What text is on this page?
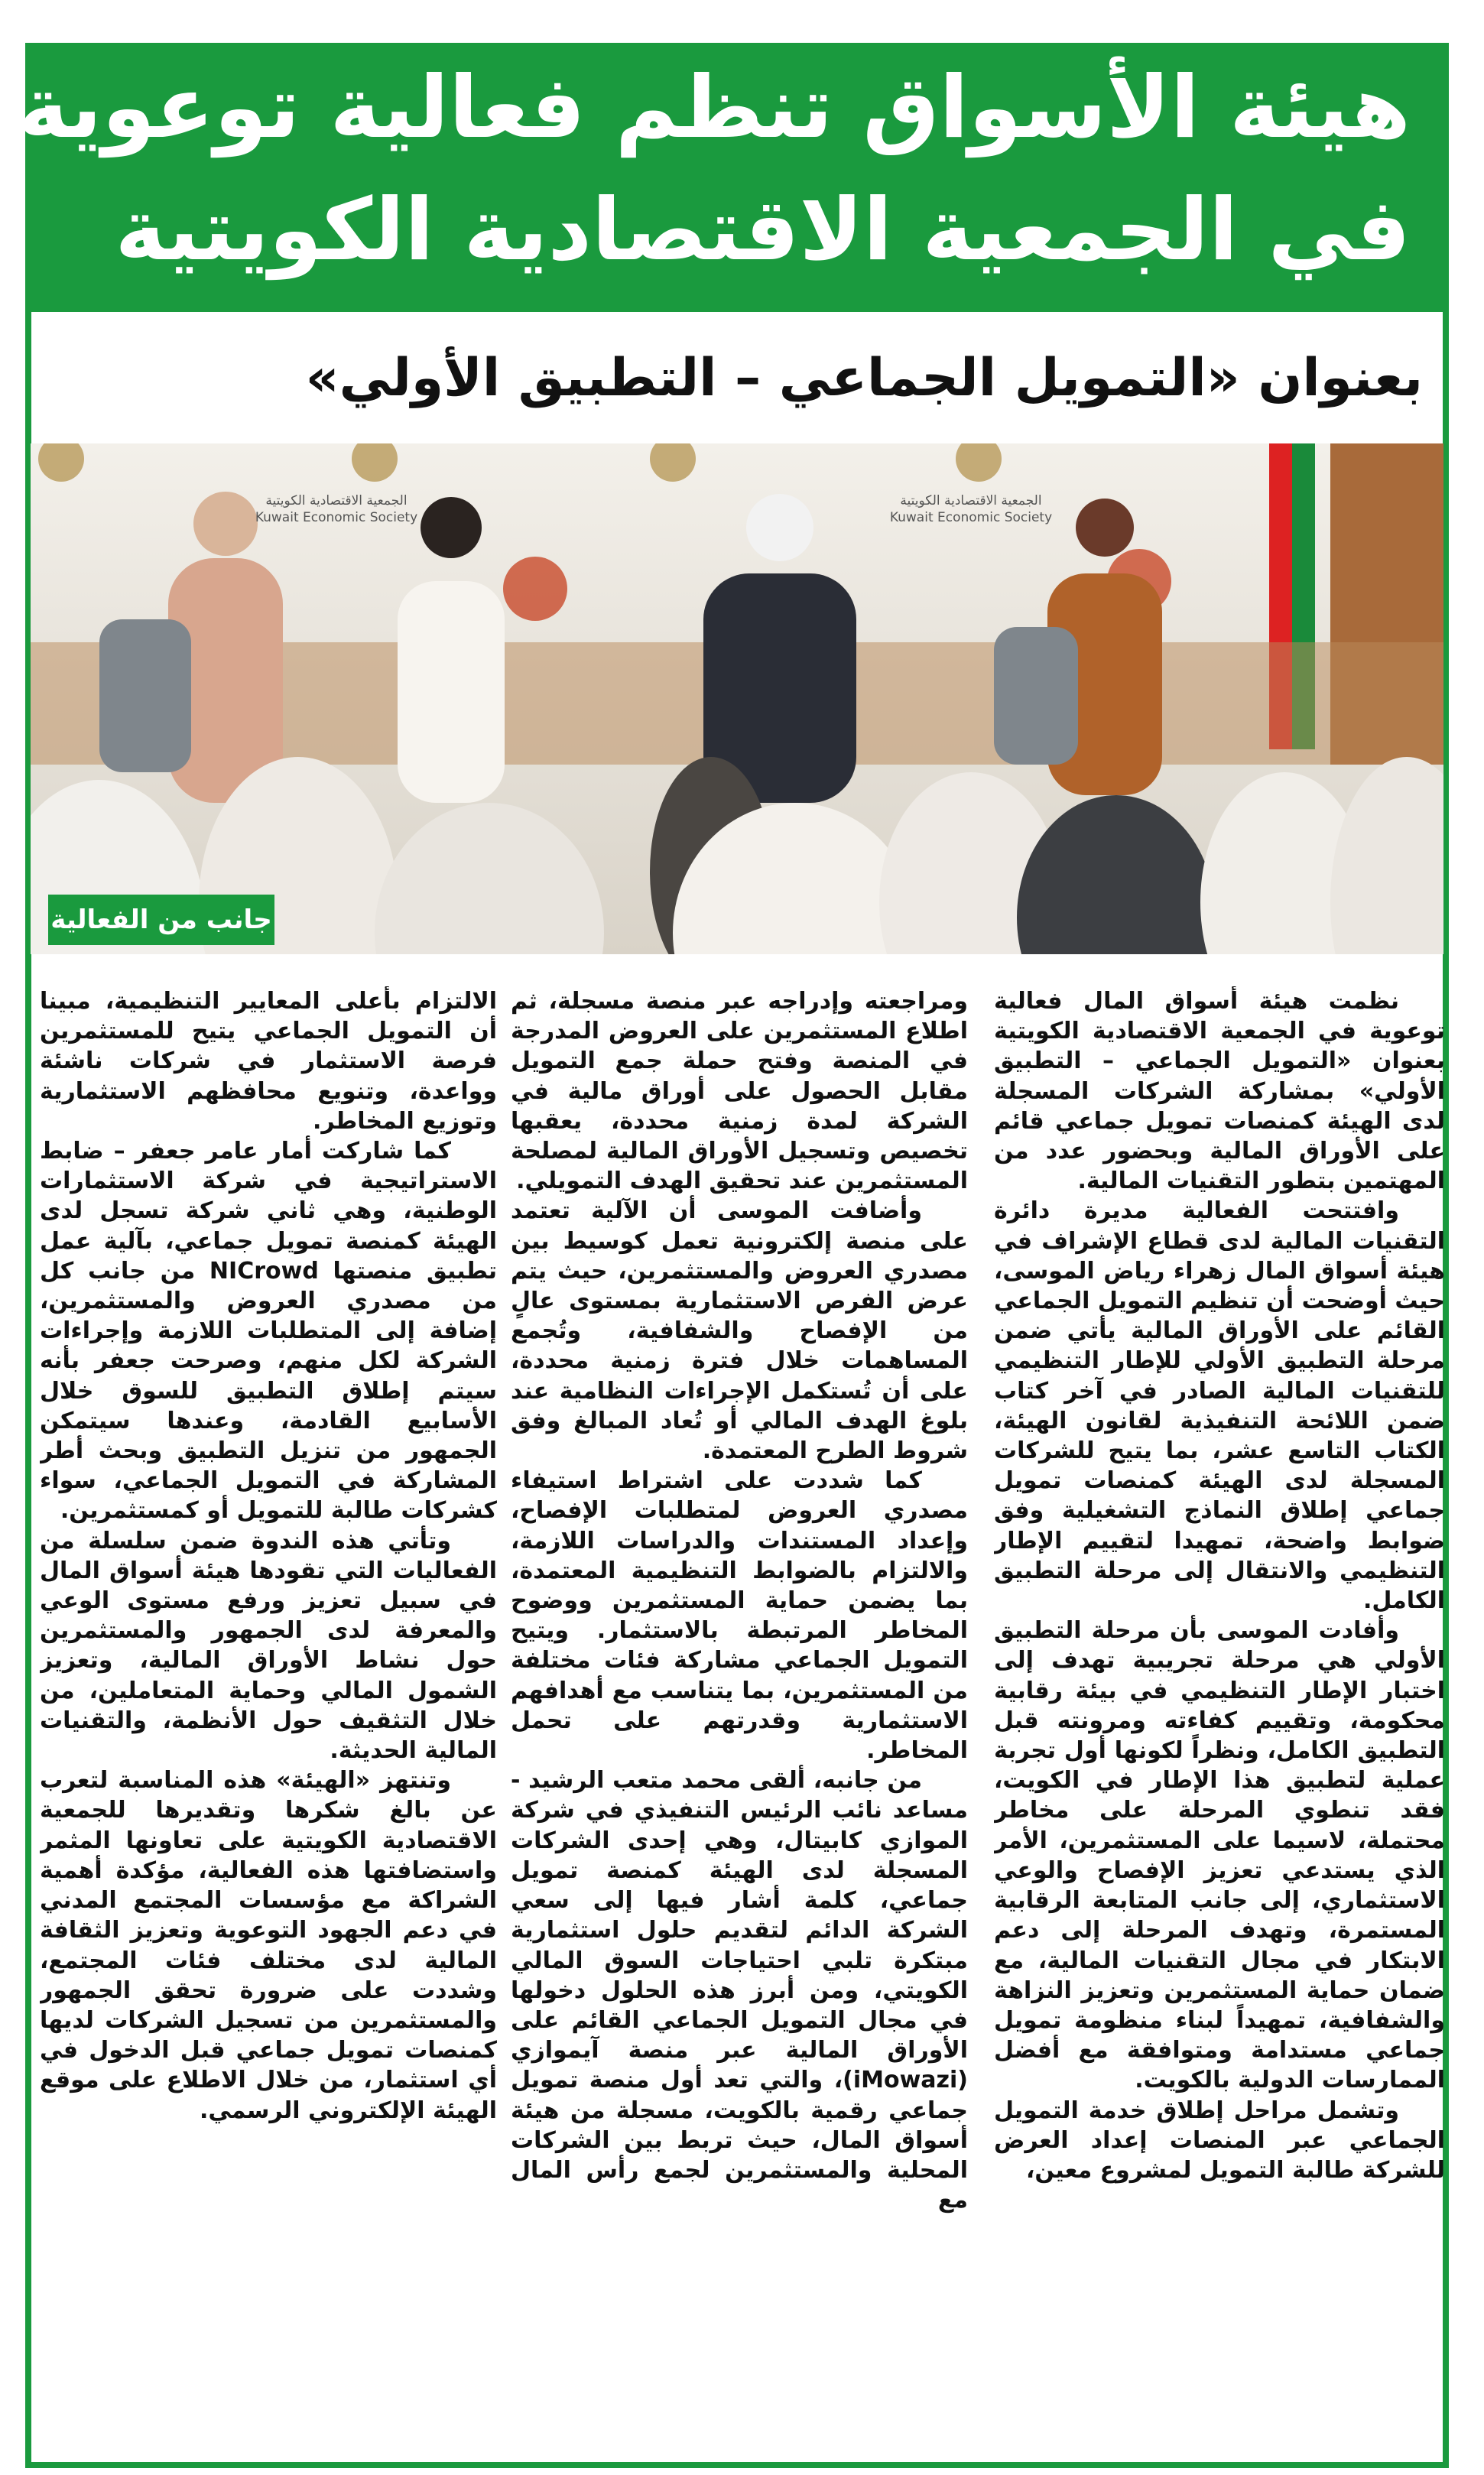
هيئة الأسواق تنظم فعالية توعوية
في الجمعية الاقتصادية الكويتية
بعنوان «التمويل الجماعي – التطبيق الأولي»
الجمعية الاقتصادية الكويتية
Kuwait Economic Society
الجمعية الاقتصادية الكويتية
Kuwait Economic Society
جانب من الفعالية

نظمت هيئة أسواق المال فعالية توعوية في الجمعية الاقتصادية الكويتية بعنوان «التمويل الجماعي – التطبيق الأولي» بمشاركة الشركات المسجلة لدى الهيئة كمنصات تمويل جماعي قائم على الأوراق المالية وبحضور عدد من المهتمين بتطور التقنيات المالية.

وافتتحت الفعالية مديرة دائرة التقنيات المالية لدى قطاع الإشراف في هيئة أسواق المال زهراء رياض الموسى، حيث أوضحت أن تنظيم التمويل الجماعي القائم على الأوراق المالية يأتي ضمن مرحلة التطبيق الأولي للإطار التنظيمي للتقنيات المالية الصادر في آخر كتاب ضمن اللائحة التنفيذية لقانون الهيئة، الكتاب التاسع عشر، بما يتيح للشركات المسجلة لدى الهيئة كمنصات تمويل جماعي إطلاق النماذج التشغيلية وفق ضوابط واضحة، تمهيدا لتقييم الإطار التنظيمي والانتقال إلى مرحلة التطبيق الكامل.

وأفادت الموسى بأن مرحلة التطبيق الأولي هي مرحلة تجريبية تهدف إلى اختبار الإطار التنظيمي في بيئة رقابية محكومة، وتقييم كفاءته ومرونته قبل التطبيق الكامل، ونظراً لكونها أول تجربة عملية لتطبيق هذا الإطار في الكويت، فقد تنطوي المرحلة على مخاطر محتملة، لاسيما على المستثمرين، الأمر الذي يستدعي تعزيز الإفصاح والوعي الاستثماري، إلى جانب المتابعة الرقابية المستمرة، وتهدف المرحلة إلى دعم الابتكار في مجال التقنيات المالية، مع ضمان حماية المستثمرين وتعزيز النزاهة والشفافية، تمهيداً لبناء منظومة تمويل جماعي مستدامة ومتوافقة مع أفضل الممارسات الدولية بالكويت.

وتشمل مراحل إطلاق خدمة التمويل الجماعي عبر المنصات إعداد العرض للشركة طالبة التمويل لمشروع معين،

ومراجعته وإدراجه عبر منصة مسجلة، ثم اطلاع المستثمرين على العروض المدرجة في المنصة وفتح حملة جمع التمويل مقابل الحصول على أوراق مالية في الشركة لمدة زمنية محددة، يعقبها تخصيص وتسجيل الأوراق المالية لمصلحة المستثمرين عند تحقيق الهدف التمويلي.

وأضافت الموسى أن الآلية تعتمد على منصة إلكترونية تعمل كوسيط بين مصدري العروض والمستثمرين، حيث يتم عرض الفرص الاستثمارية بمستوى عالٍ من الإفصاح والشفافية، وتُجمع المساهمات خلال فترة زمنية محددة، على أن تُستكمل الإجراءات النظامية عند بلوغ الهدف المالي أو تُعاد المبالغ وفق شروط الطرح المعتمدة.

كما شددت على اشتراط استيفاء مصدري العروض لمتطلبات الإفصاح، وإعداد المستندات والدراسات اللازمة، والالتزام بالضوابط التنظيمية المعتمدة، بما يضمن حماية المستثمرين ووضوح المخاطر المرتبطة بالاستثمار. ويتيح التمويل الجماعي مشاركة فئات مختلفة من المستثمرين، بما يتناسب مع أهدافهم الاستثمارية وقدرتهم على تحمل المخاطر.

من جانبه، ألقى محمد متعب الرشيد - مساعد نائب الرئيس التنفيذي في شركة الموازي كابيتال، وهي إحدى الشركات المسجلة لدى الهيئة كمنصة تمويل جماعي، كلمة أشار فيها إلى سعي الشركة الدائم لتقديم حلول استثمارية مبتكرة تلبي احتياجات السوق المالي الكويتي، ومن أبرز هذه الحلول دخولها في مجال التمويل الجماعي القائم على الأوراق المالية عبر منصة آيموازي (iMowazi)، والتي تعد أول منصة تمويل جماعي رقمية بالكويت، مسجلة من هيئة أسواق المال، حيث تربط بين الشركات المحلية والمستثمرين لجمع رأس المال مع

الالتزام بأعلى المعايير التنظيمية، مبينا أن التمويل الجماعي يتيح للمستثمرين فرصة الاستثمار في شركات ناشئة وواعدة، وتنويع محافظهم الاستثمارية وتوزيع المخاطر.

كما شاركت أمار عامر جعفر – ضابط الاستراتيجية في شركة الاستثمارات الوطنية، وهي ثاني شركة تسجل لدى الهيئة كمنصة تمويل جماعي، بآلية عمل تطبيق منصتها NICrowd من جانب كل من مصدري العروض والمستثمرين، إضافة إلى المتطلبات اللازمة وإجراءات الشركة لكل منهم، وصرحت جعفر بأنه سيتم إطلاق التطبيق للسوق خلال الأسابيع القادمة، وعندها سيتمكن الجمهور من تنزيل التطبيق وبحث أطر المشاركة في التمويل الجماعي، سواء كشركات طالبة للتمويل أو كمستثمرين.

وتأتي هذه الندوة ضمن سلسلة من الفعاليات التي تقودها هيئة أسواق المال في سبيل تعزيز ورفع مستوى الوعي والمعرفة لدى الجمهور والمستثمرين حول نشاط الأوراق المالية، وتعزيز الشمول المالي وحماية المتعاملين، من خلال التثقيف حول الأنظمة، والتقنيات المالية الحديثة.

وتنتهز «الهيئة» هذه المناسبة لتعرب عن بالغ شكرها وتقديرها للجمعية الاقتصادية الكويتية على تعاونها المثمر واستضافتها هذه الفعالية، مؤكدة أهمية الشراكة مع مؤسسات المجتمع المدني في دعم الجهود التوعوية وتعزيز الثقافة المالية لدى مختلف فئات المجتمع، وشددت على ضرورة تحقق الجمهور والمستثمرين من تسجيل الشركات لديها كمنصات تمويل جماعي قبل الدخول في أي استثمار، من خلال الاطلاع على موقع الهيئة الإلكتروني الرسمي.
